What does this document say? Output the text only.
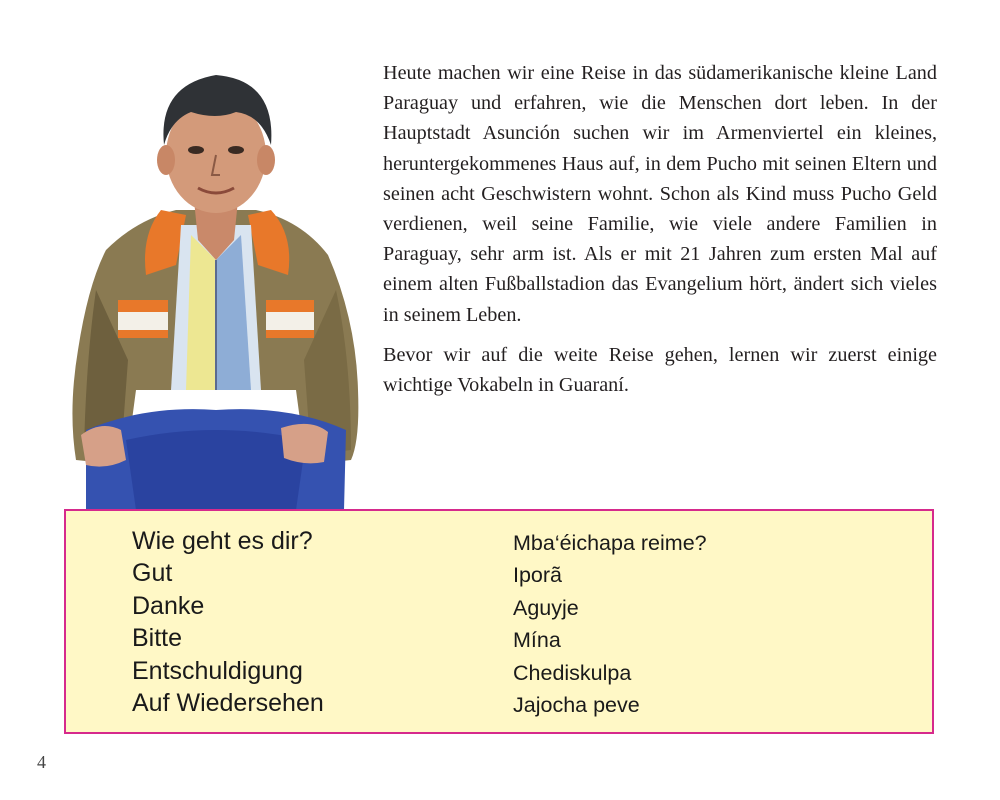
Heute machen wir eine Reise in das südamerikanische kleine Land Paraguay und erfahren, wie die Menschen dort leben. In der Hauptstadt Asunción suchen wir im Armenviertel ein kleines, heruntergekommenes Haus auf, in dem Pucho mit seinen Eltern und seinen acht Geschwistern wohnt. Schon als Kind muss Pucho Geld verdienen, weil seine Familie, wie viele andere Familien in Paraguay, sehr arm ist. Als er mit 21 Jahren zum ersten Mal auf einem alten Fußballstadion das Evangelium hört, ändert sich vieles in seinem Leben.

Bevor wir auf die weite Reise gehen, lernen wir zuerst einige wichtige Vokabeln in Guaraní.

Wie geht es dir?
Gut
Danke
Bitte
Entschuldigung
Auf Wiedersehen
Mba‘éichapa reime?
Iporã
Aguyje
Mína
Chediskulpa
Jajocha peve
4
